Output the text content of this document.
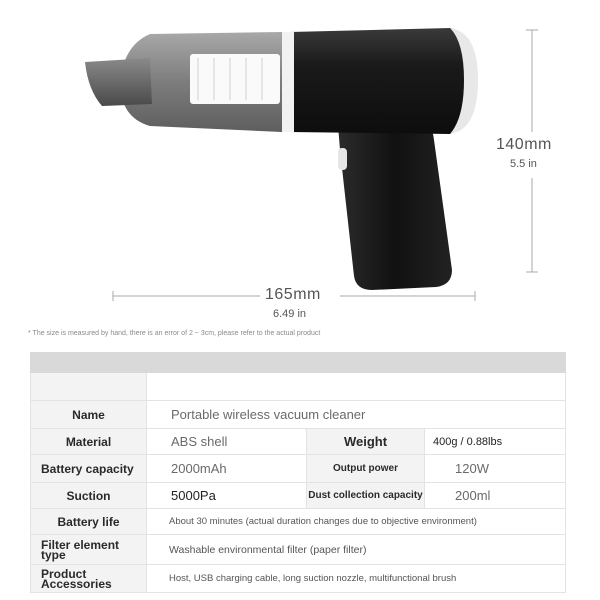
140mm
5.5 in
165mm
6.49 in
* The size is measured by hand, there is an error of 2 ~ 3cm, please refer to the actual product

Name	Portable wireless vacuum cleaner		
Material	ABS shell	Weight	400g / 0.88lbs
Battery capacity	2000mAh	Output power	120W
Suction	5000Pa	Dust collection capacity	200ml
Battery life	About 30 minutes (actual duration changes due to objective environment)		
Filter element type	Washable environmental filter (paper filter)		
Product Accessories	Host, USB charging cable, long suction nozzle, multifunctional brush		
